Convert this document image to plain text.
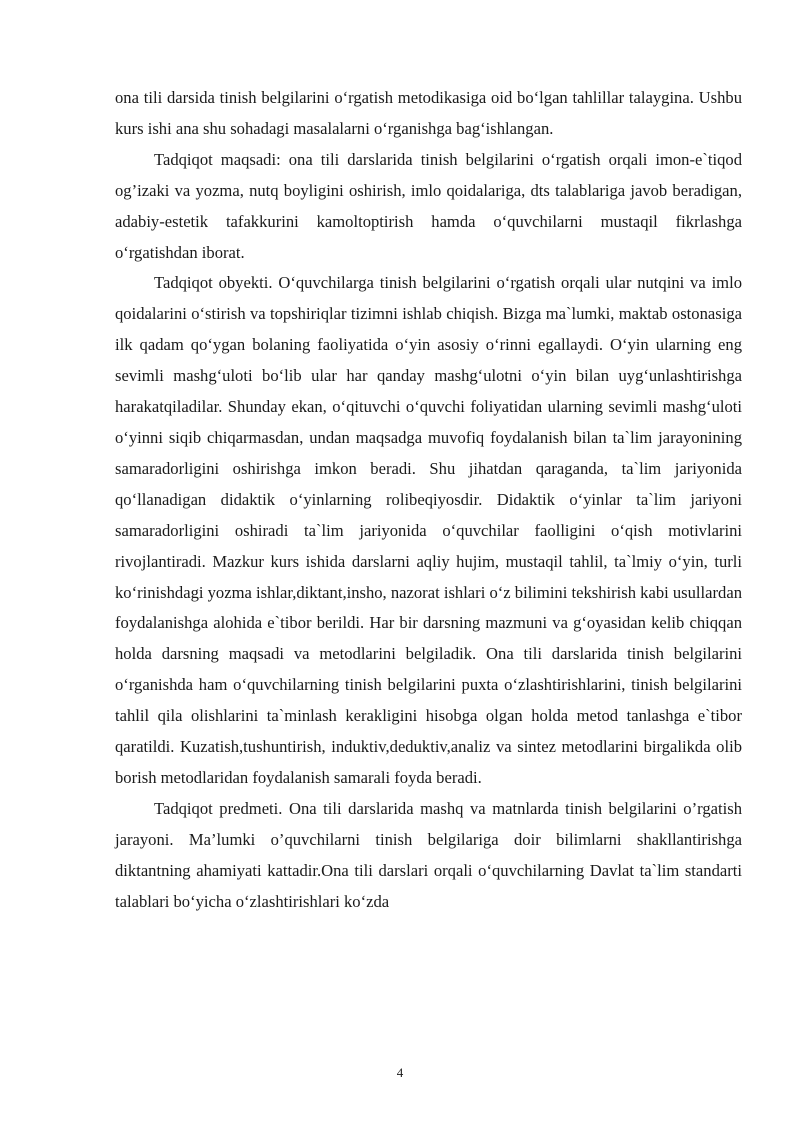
ona tili darsida tinish belgilarini o‘rgatish metodikasiga oid bo‘lgan tahlillar talaygina. Ushbu kurs ishi ana shu sohadagi masalalarni o‘rganishga bag‘ishlangan.

Tadqiqot maqsadi: ona tili darslarida tinish belgilarini o‘rgatish orqali imon-e`tiqod og’izaki va yozma, nutq boyligini oshirish, imlo qoidalariga, dts talablariga javob beradigan, adabiy-estetik tafakkurini kamoltoptirish hamda o‘quvchilarni mustaqil fikrlashga o‘rgatishdan iborat.

Tadqiqot obyekti. O‘quvchilarga tinish belgilarini o‘rgatish orqali ular nutqini va imlo qoidalarini o‘stirish va topshiriqlar tizimni ishlab chiqish. Bizga ma`lumki, maktab ostonasiga ilk qadam qo‘ygan bolaning faoliyatida o‘yin asosiy o‘rinni egallaydi. O‘yin ularning eng sevimli mashg‘uloti bo‘lib ular har qanday mashg‘ulotni o‘yin bilan uyg‘unlashtirishga harakatqiladilar. Shunday ekan, o‘qituvchi o‘quvchi foliyatidan ularning sevimli mashg‘uloti o‘yinni siqib chiqarmasdan, undan maqsadga muvofiq foydalanish bilan ta`lim jarayonining samaradorligini oshirishga imkon beradi. Shu jihatdan qaraganda, ta`lim jariyonida qo‘llanadigan didaktik o‘yinlarning rolibeqiyosdir. Didaktik o‘yinlar ta`lim jariyoni samaradorligini oshiradi ta`lim jariyonida o‘quvchilar faolligini o‘qish motivlarini rivojlantiradi. Mazkur kurs ishida darslarni aqliy hujim, mustaqil tahlil, ta`lmiy o‘yin, turli ko‘rinishdagi yozma ishlar,diktant,insho, nazorat ishlari o‘z bilimini tekshirish kabi usullardan foydalanishga alohida e`tibor berildi. Har bir darsning mazmuni va g‘oyasidan kelib chiqqan holda darsning maqsadi va metodlarini belgiladik. Ona tili darslarida tinish belgilarini o‘rganishda ham o‘quvchilarning tinish belgilarini puxta o‘zlashtirishlarini, tinish belgilarini tahlil qila olishlarini ta`minlash kerakligini hisobga olgan holda metod tanlashga e`tibor qaratildi. Kuzatish,tushuntirish, induktiv,deduktiv,analiz va sintez metodlarini birgalikda olib borish metodlaridan foydalanish samarali foyda beradi.

Tadqiqot predmeti. Ona tili darslarida mashq va matnlarda tinish belgilarini o’rgatish jarayoni. Ma’lumki o’quvchilarni tinish belgilariga doir bilimlarni shakllantirishga diktantning ahamiyati kattadir.Ona tili darslari orqali o‘quvchilarning Davlat ta`lim standarti talablari bo‘yicha o‘zlashtirishlari ko‘zda

4
